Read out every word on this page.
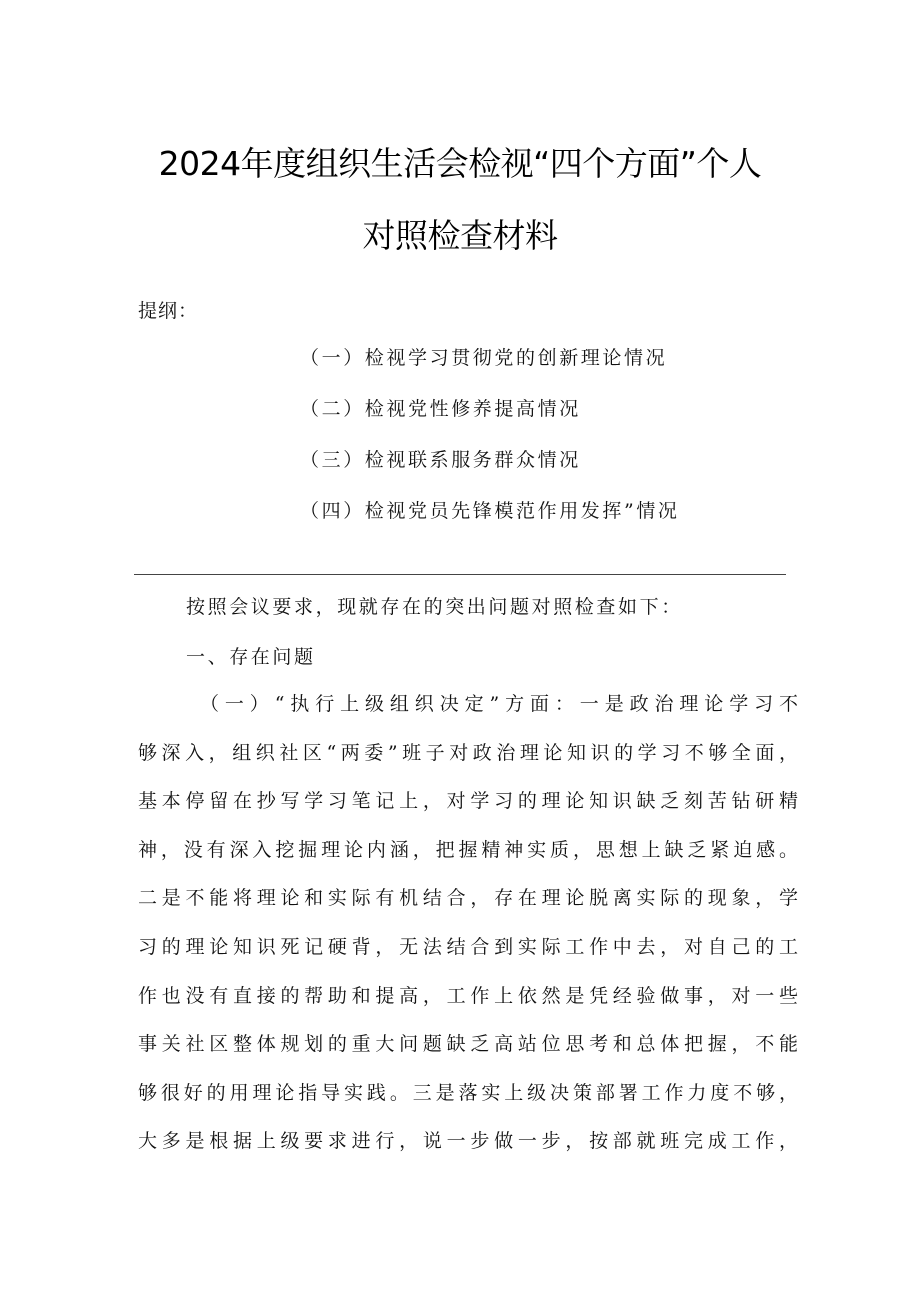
2024年度组织生活会检视“四个方面”个人
对照检查材料
提纲：
（一）检视学习贯彻党的创新理论情况
（二）检视党性修养提高情况
（三）检视联系服务群众情况
（四）检视党员先锋模范作用发挥”情况
按照会议要求，现就存在的突出问题对照检查如下：
一、存在问题
（一）“执行上级组织决定”方面：一是政治理论学习不
够深入，组织社区“两委”班子对政治理论知识的学习不够全面，
基本停留在抄写学习笔记上，对学习的理论知识缺乏刻苦钻研精
神，没有深入挖掘理论内涵，把握精神实质，思想上缺乏紧迫感。
二是不能将理论和实际有机结合，存在理论脱离实际的现象，学
习的理论知识死记硬背，无法结合到实际工作中去，对自己的工
作也没有直接的帮助和提高，工作上依然是凭经验做事，对一些
事关社区整体规划的重大问题缺乏高站位思考和总体把握，不能
够很好的用理论指导实践。三是落实上级决策部署工作力度不够，
大多是根据上级要求进行，说一步做一步，按部就班完成工作，
